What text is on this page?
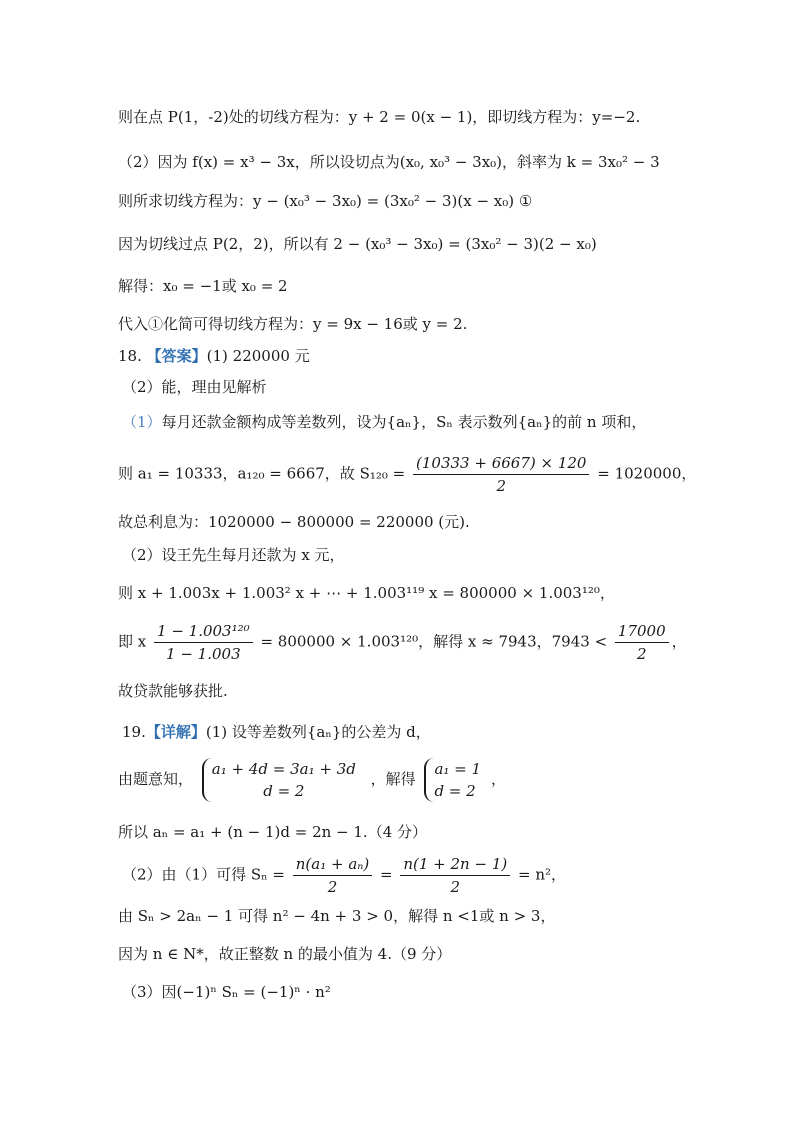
则在点 P(1，-2)处的切线方程为：y + 2 = 0(x − 1)，即切线方程为：y=−2.
（2）因为 f(x) = x³ − 3x，所以设切点为(x₀, x₀³ − 3x₀)，斜率为 k = 3x₀² − 3
则所求切线方程为：y − (x₀³ − 3x₀) = (3x₀² − 3)(x − x₀) ①
因为切线过点 P(2，2)，所以有 2 − (x₀³ − 3x₀) = (3x₀² − 3)(2 − x₀)
解得：x₀ = −1或 x₀ = 2
代入①化简可得切线方程为：y = 9x − 16或 y = 2.
18. 【答案】(1) 220000 元
（2）能，理由见解析
（1）每月还款金额构成等差数列，设为{aₙ}，Sₙ 表示数列{aₙ}的前 n 项和，
则 a₁ = 10333，a₁₂₀ = 6667，故 $S_{120} = \frac{(10333 + 6667) \times 120}{2} = 1020000$，
故总利息为：1020000 − 800000 = 220000 (元).
（2）设王先生每月还款为 x 元，
则 x + 1.003x + 1.003² x + ⋯ + 1.003¹¹⁹ x = 800000 × 1.003¹²⁰，
即 x $\frac{\text{1 − 1.003¹²⁰}}{1 - 1.003} = 800000 \times 1.003^{120}$，解得 x ≈ 7943，$7943 < \frac{17000}{2}$ ，
故贷款能够获批.
19.【详解】(1) 设等差数列{aₙ}的公差为 d，
由题意知，
a₁ + 4d = 3a₁ + 3d
d = 2
，解得
a₁ = 1
d = 2
，
所以 aₙ = a₁ + (n − 1)d = 2n − 1.（4 分）
（2）由（1）可得 $S_n = \frac{\text{n(a₁ + aₙ)}}{2} = \frac{n(1 + 2n - 1)}{2} = n^2$，
由 Sₙ > 2aₙ − 1 可得 n² − 4n + 3 > 0，解得 n <1或 n > 3，
因为 n ∈ N*，故正整数 n 的最小值为 4.（9 分）
（3）因(−1)ⁿ Sₙ = (−1)ⁿ · n²
